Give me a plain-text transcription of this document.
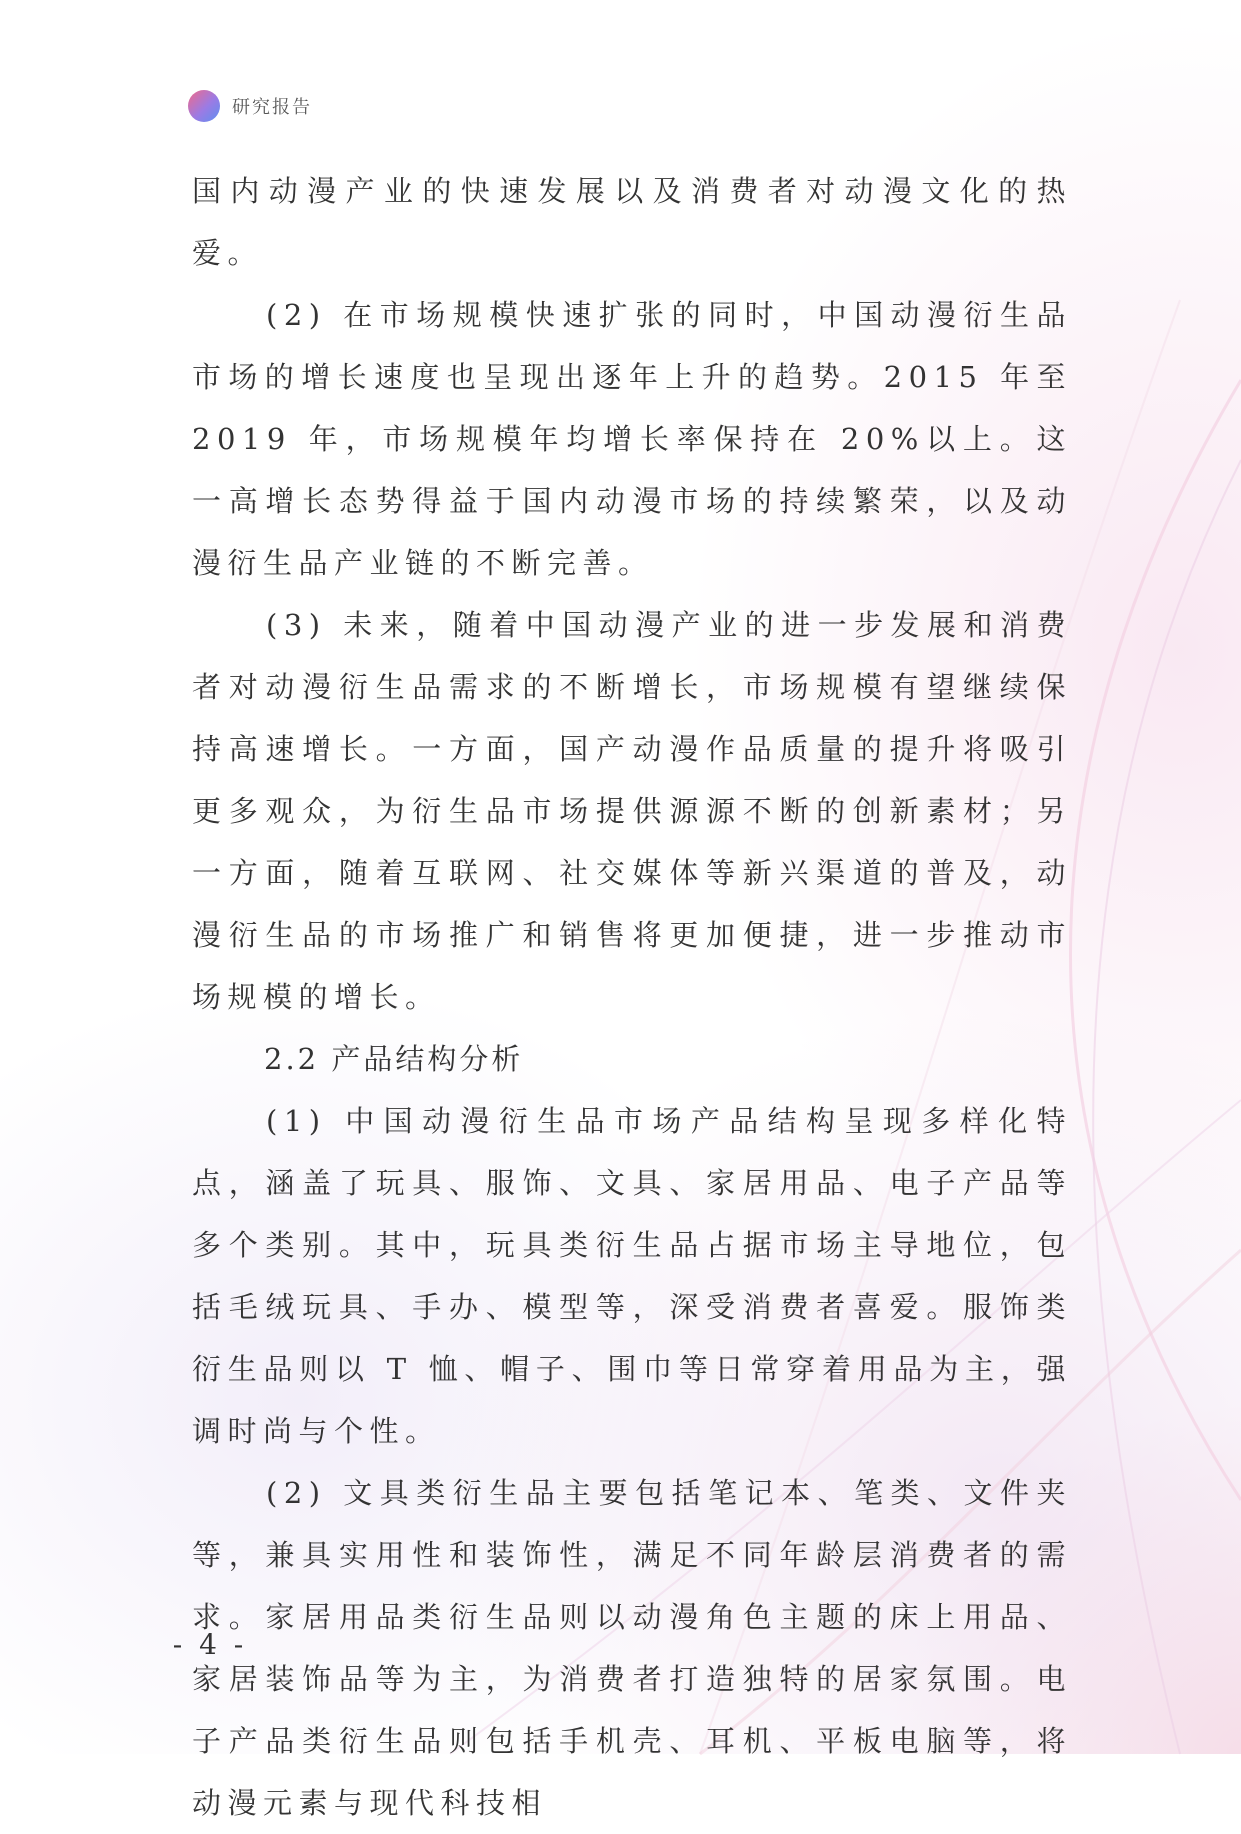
研究报告

国内动漫产业的快速发展以及消费者对动漫文化的热爱。

(2) 在市场规模快速扩张的同时，中国动漫衍生品市场的增长速度也呈现出逐年上升的趋势。2015 年至 2019 年，市场规模年均增长率保持在 20%以上。这一高增长态势得益于国内动漫市场的持续繁荣，以及动漫衍生品产业链的不断完善。

(3) 未来，随着中国动漫产业的进一步发展和消费者对动漫衍生品需求的不断增长，市场规模有望继续保持高速增长。一方面，国产动漫作品质量的提升将吸引更多观众，为衍生品市场提供源源不断的创新素材；另一方面，随着互联网、社交媒体等新兴渠道的普及，动漫衍生品的市场推广和销售将更加便捷，进一步推动市场规模的增长。

2.2 产品结构分析

(1) 中国动漫衍生品市场产品结构呈现多样化特点，涵盖了玩具、服饰、文具、家居用品、电子产品等多个类别。其中，玩具类衍生品占据市场主导地位，包括毛绒玩具、手办、模型等，深受消费者喜爱。服饰类衍生品则以 T 恤、帽子、围巾等日常穿着用品为主，强调时尚与个性。

(2) 文具类衍生品主要包括笔记本、笔类、文件夹等，兼具实用性和装饰性，满足不同年龄层消费者的需求。家居用品类衍生品则以动漫角色主题的床上用品、家居装饰品等为主，为消费者打造独特的居家氛围。电子产品类衍生品则包括手机壳、耳机、平板电脑等，将动漫元素与现代科技相

- 4 -
